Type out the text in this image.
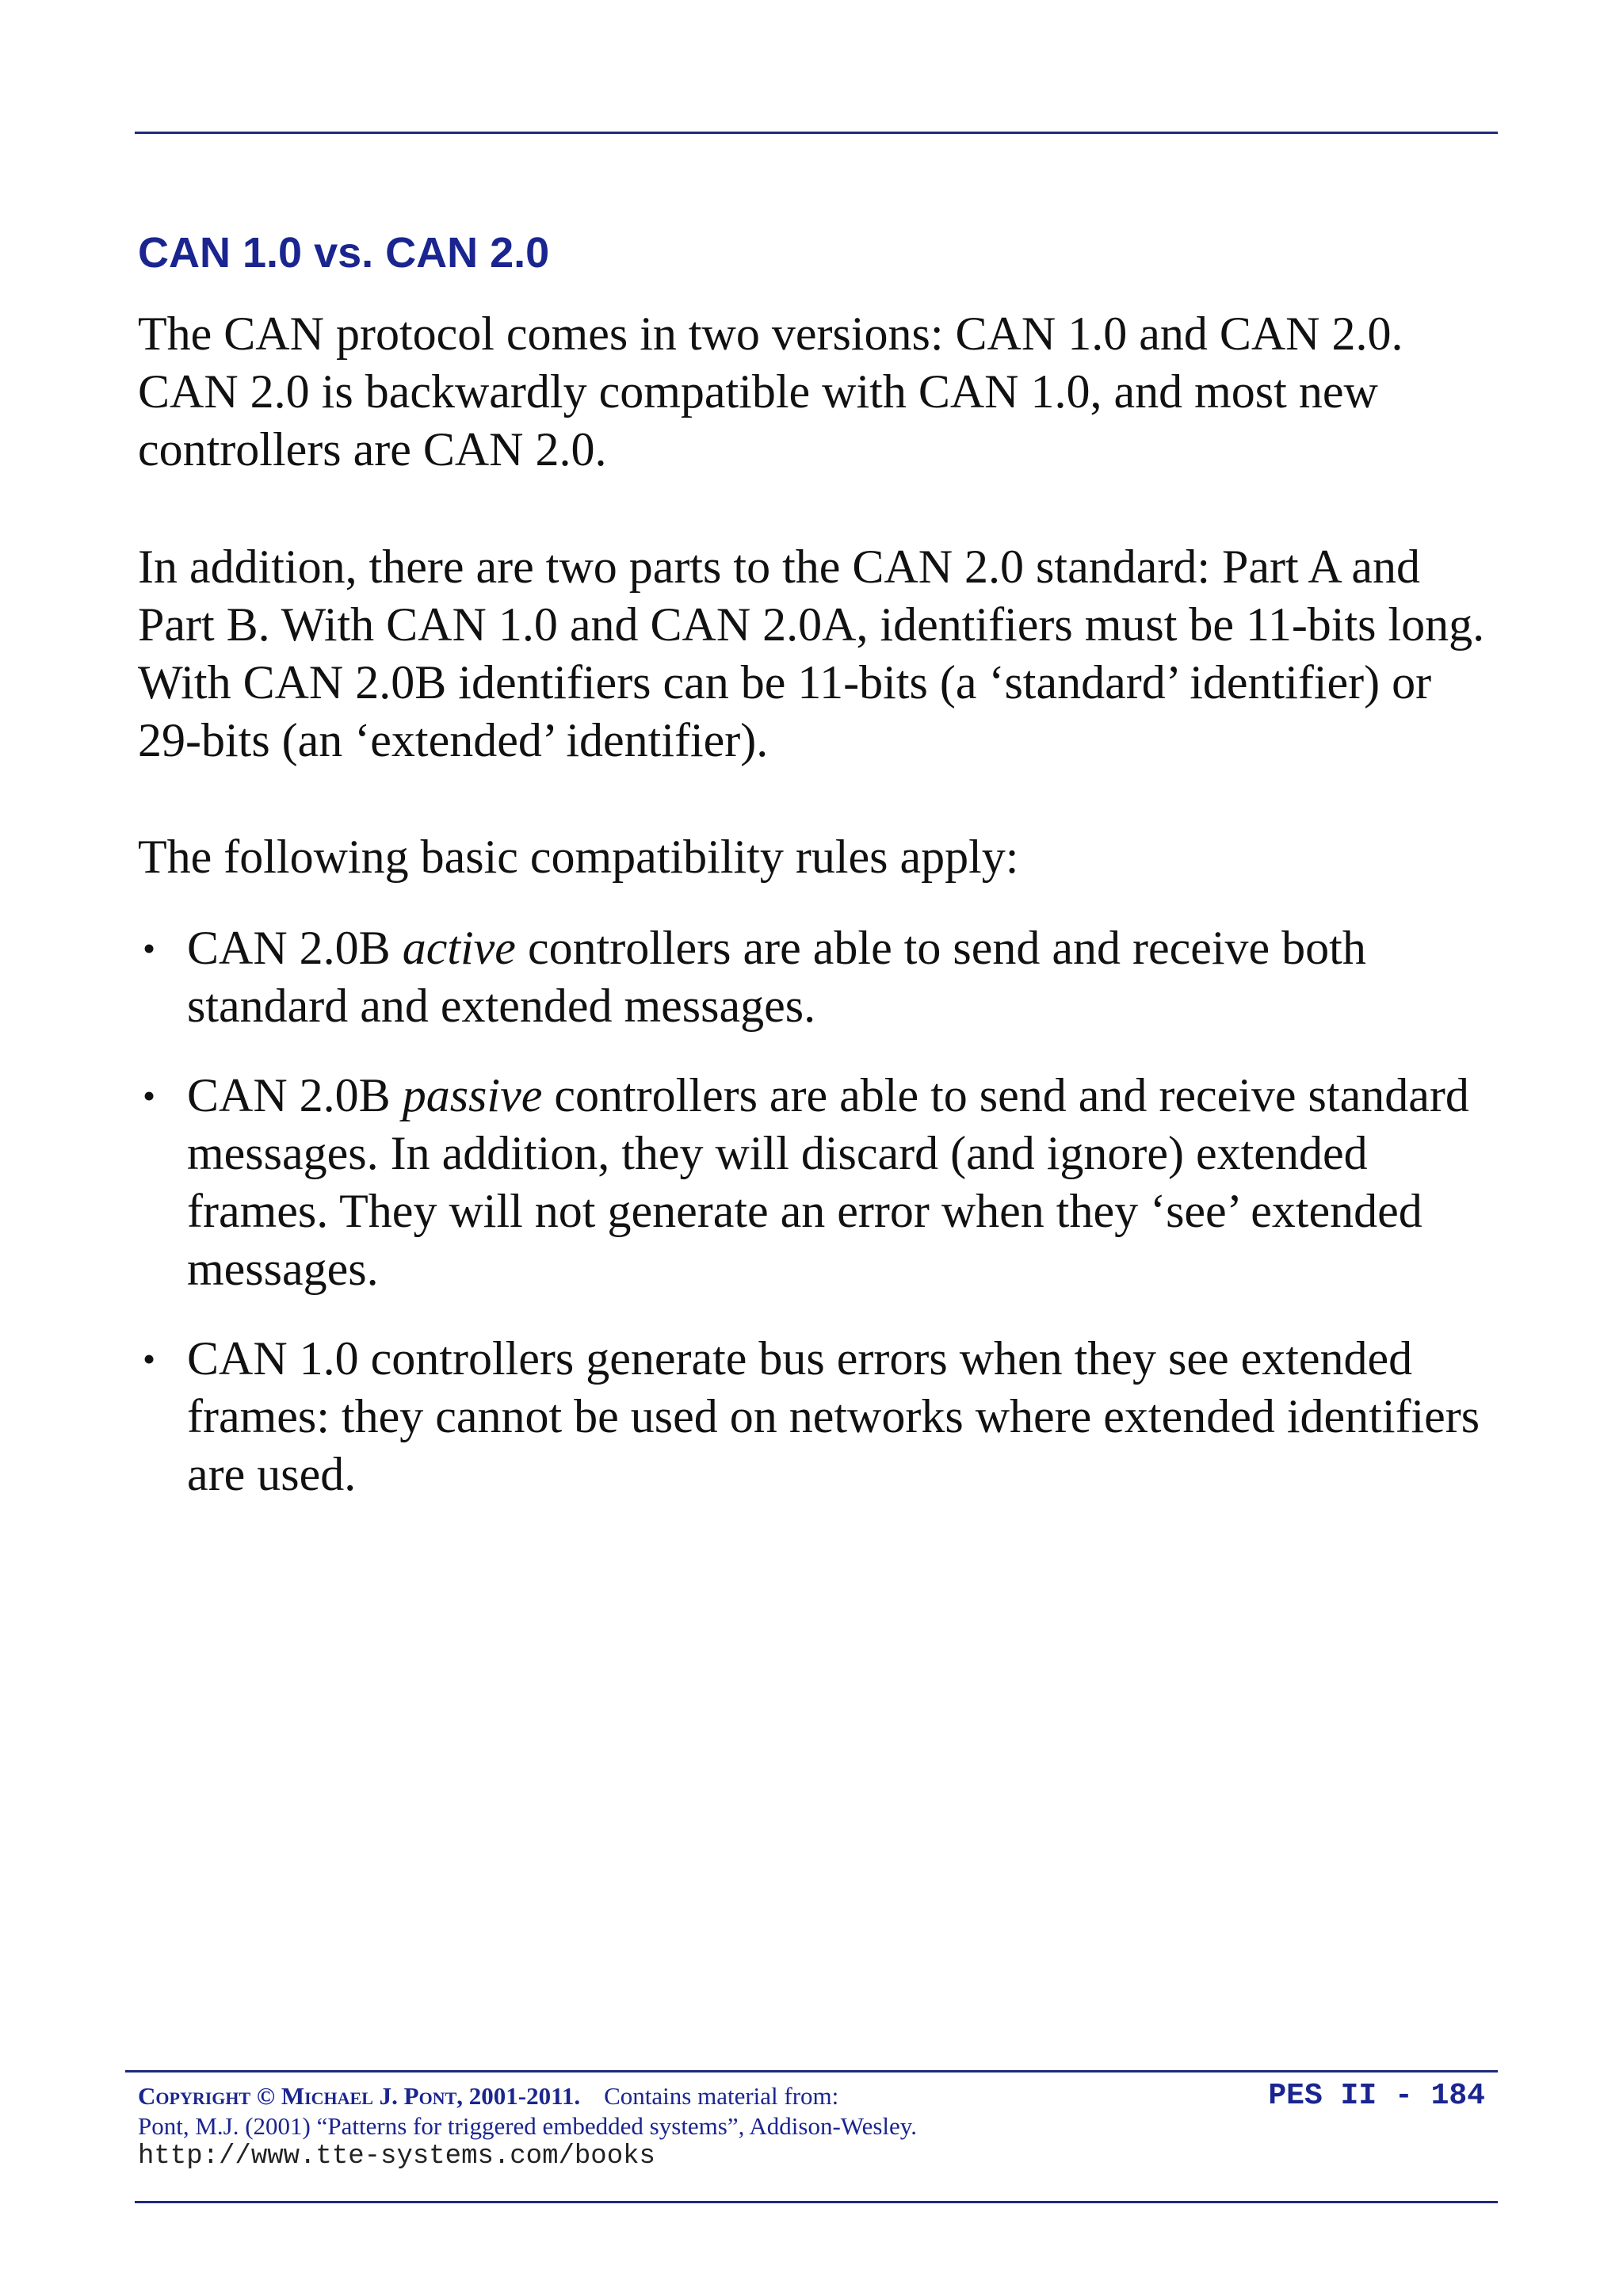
CAN 1.0 vs. CAN 2.0

The CAN protocol comes in two versions: CAN 1.0 and CAN 2.0. CAN 2.0 is backwardly compatible with CAN 1.0, and most new controllers are CAN 2.0.

In addition, there are two parts to the CAN 2.0 standard: Part A and Part B. With CAN 1.0 and CAN 2.0A, identifiers must be 11-bits long. With CAN 2.0B identifiers can be 11-bits (a ‘standard’ identifier) or 29-bits (an ‘extended’ identifier).

The following basic compatibility rules apply:

• CAN 2.0B active controllers are able to send and receive both standard and extended messages.
• CAN 2.0B passive controllers are able to send and receive standard messages. In addition, they will discard (and ignore) extended frames. They will not generate an error when they ‘see’ extended messages.
• CAN 1.0 controllers generate bus errors when they see extended frames: they cannot be used on networks where extended identifiers are used.
Copyright © Michael J. Pont, 2001-2011. Contains material from:
Pont, M.J. (2001) “Patterns for triggered embedded systems”, Addison-Wesley.
http://www.tte-systems.com/books
PES II - 184
